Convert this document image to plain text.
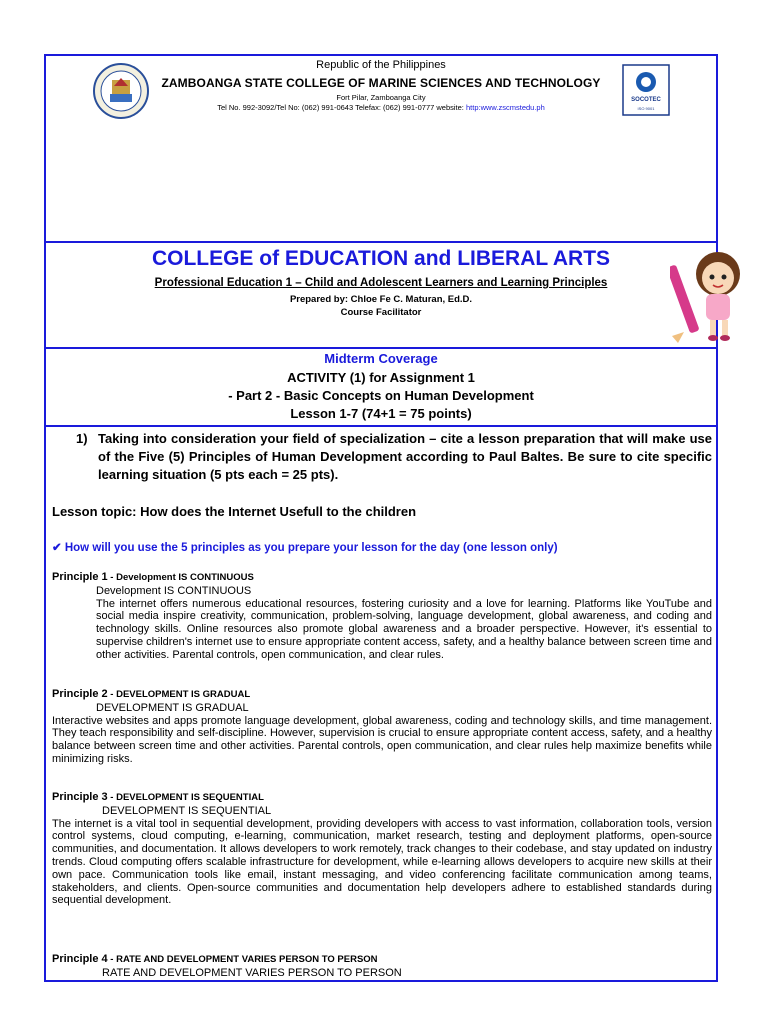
Republic of the Philippines
ZAMBOANGA STATE COLLEGE OF MARINE SCIENCES AND TECHNOLOGY
Fort Pilar, Zamboanga City
Tel No. 992-3092/Tel No: (062) 991-0643 Telefax: (062) 991-0777 website: http:www.zscmstedu.ph
SOCOTEC
ISO 9001
COLLEGE of EDUCATION and LIBERAL ARTS
Professional Education 1 – Child and Adolescent Learners and Learning Principles
Prepared by: Chloe Fe C. Maturan, Ed.D.
Course Facilitator
Midterm Coverage
ACTIVITY (1) for Assignment 1
- Part 2 - Basic Concepts on Human Development
Lesson 1-7 (74+1 = 75 points)
1) Taking into consideration your field of specialization – cite a lesson preparation that will make use of the Five (5) Principles of Human Development according to Paul Baltes. Be sure to cite specific learning situation (5 pts each = 25 pts).
Lesson topic: How does the Internet Usefull to the children
✔ How will you use the 5 principles as you prepare your lesson for the day (one lesson only)
Principle 1 - Development IS CONTINUOUS
Development IS CONTINUOUS
The internet offers numerous educational resources, fostering curiosity and a love for learning. Platforms like YouTube and social media inspire creativity, communication, problem-solving, language development, global awareness, and coding and technology skills. Online resources also promote global awareness and a broader perspective. However, it's essential to supervise children's internet use to ensure appropriate content access, safety, and a healthy balance between screen time and other activities. Parental controls, open communication, and clear rules.
Principle 2 - DEVELOPMENT IS GRADUAL
DEVELOPMENT IS GRADUAL
Interactive websites and apps promote language development, global awareness, coding and technology skills, and time management. They teach responsibility and self-discipline. However, supervision is crucial to ensure appropriate content access, safety, and a healthy balance between screen time and other activities. Parental controls, open communication, and clear rules help maximize benefits while minimizing risks.
Principle 3 - DEVELOPMENT IS SEQUENTIAL
DEVELOPMENT IS SEQUENTIAL
The internet is a vital tool in sequential development, providing developers with access to vast information, collaboration tools, version control systems, cloud computing, e-learning, communication, market research, testing and deployment platforms, open-source communities, and documentation. It allows developers to work remotely, track changes to their codebase, and stay updated on industry trends. Cloud computing offers scalable infrastructure for development, while e-learning allows developers to acquire new skills at their own pace. Communication tools like email, instant messaging, and video conferencing facilitate communication among teams, stakeholders, and clients. Open-source communities and documentation help developers adhere to established standards during sequential development.
Principle 4 - RATE AND DEVELOPMENT VARIES PERSON TO PERSON
RATE AND DEVELOPMENT VARIES PERSON TO PERSON
